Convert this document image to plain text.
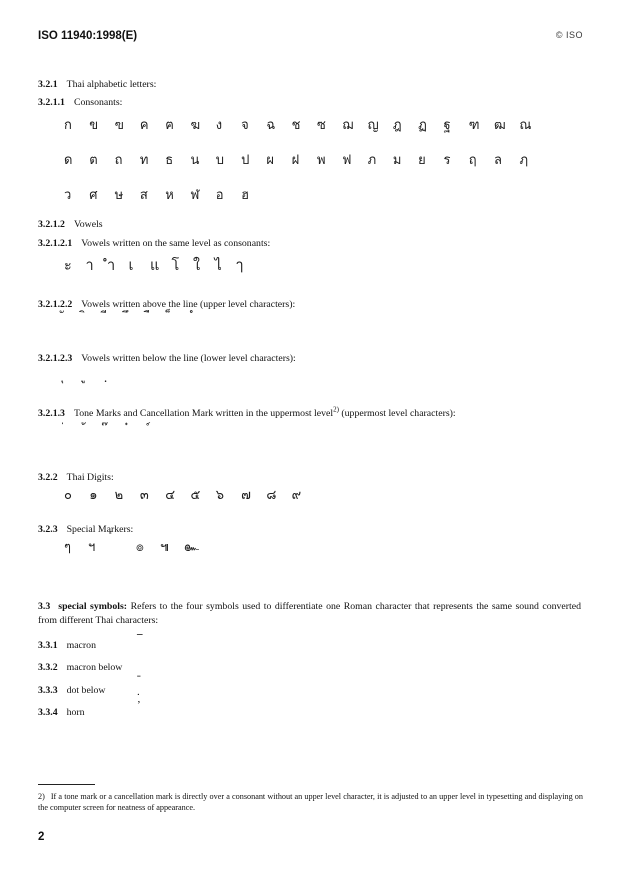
ISO 11940:1998(E)	© ISO
3.2.1 Thai alphabetic letters:
3.2.1.1 Consonants:
ก	ข	ฃ	ค	ฅ	ฆ	ง	จ	ฉ	ช	ซ	ฌ	ญ	ฎ	ฏ	ฐ	ฑ	ฒ	ณ
ด	ต	ถ	ท	ธ	น	บ	ป	ผ	ฝ	พ	ฟ	ภ	ม	ย	ร	ฤ	ล	ฦ
ว	ศ	ษ	ส	ห	ฬ	อ	ฮ
3.2.1.2 Vowels
3.2.1.2.1 Vowels written on the same level as consonants:
ะ า ำ เ	แ โ ใ ไ ๅ
3.2.1.2.2 Vowels written above the line (upper level characters):
3.2.1.2.3 Vowels written below the line (lower level characters):
3.2.1.3 Tone Marks and Cancellation Mark written in the uppermost level$^{2)}$ (uppermost level characters):
3.2.2 Thai Digits:
๐	๑	๒	๓	๔	๕	๖	๗	๘	๙
3.2.3 Special Markers:
ๆ	ฯ	๏	๚	๛
3.3 special symbols: Refers to the four symbols used to differentiate one Roman character that represents the same sound converted from different Thai characters:
3.3.1 macron
¯
3.3.2 macron below ˍ
3.3.3 dot below	.
3.3.4 horn
ʼ
2) If a tone mark or a cancellation mark is directly over a consonant without an upper level character, it is adjusted to an upper level in typesetting and displaying on the computer screen for neatness of appearance.
2
